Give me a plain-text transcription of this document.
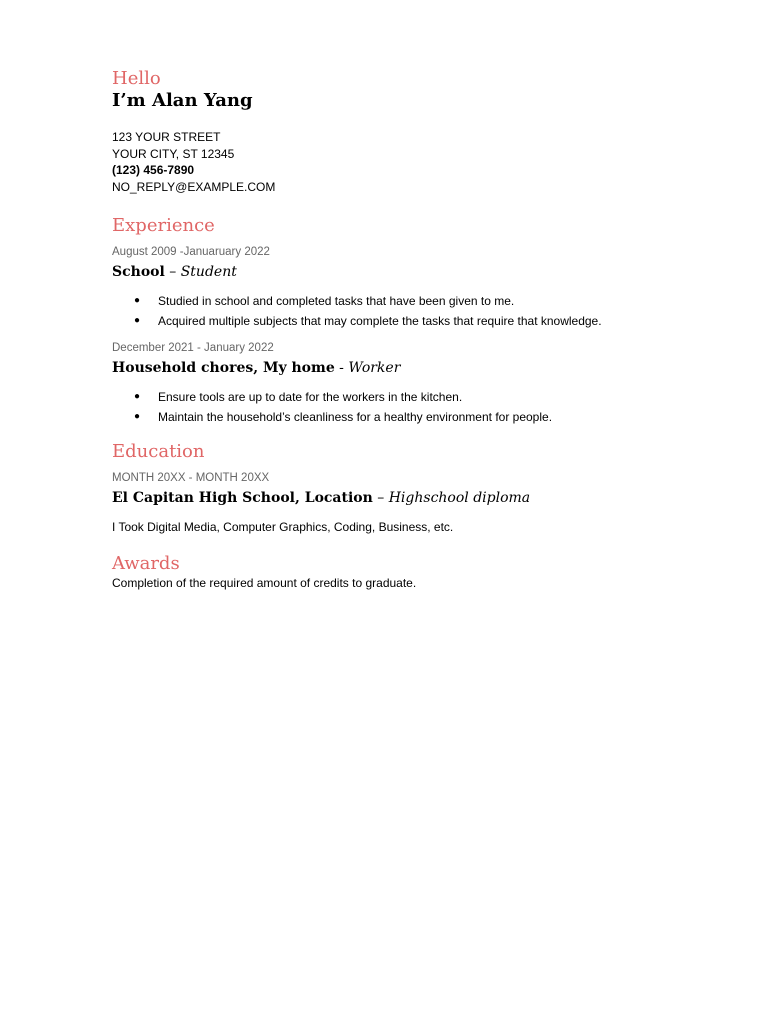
Hello
I’m Alan Yang

123 YOUR STREET

YOUR CITY, ST 12345

(123) 456-7890

NO_REPLY@EXAMPLE.COM

Experience

August 2009 -Januaruary 2022

School – Student

● Studied in school and completed tasks that have been given to me.
● Acquired multiple subjects that may complete the tasks that require that knowledge.

December 2021 - January 2022

Household chores, My home - Worker

● Ensure tools are up to date for the workers in the kitchen.
● Maintain the household’s cleanliness for a healthy environment for people.
Education

MONTH 20XX - MONTH 20XX

El Capitan High School, Location – Highschool diploma

I Took Digital Media, Computer Graphics, Coding, Business, etc.

Awards

Completion of the required amount of credits to graduate.
